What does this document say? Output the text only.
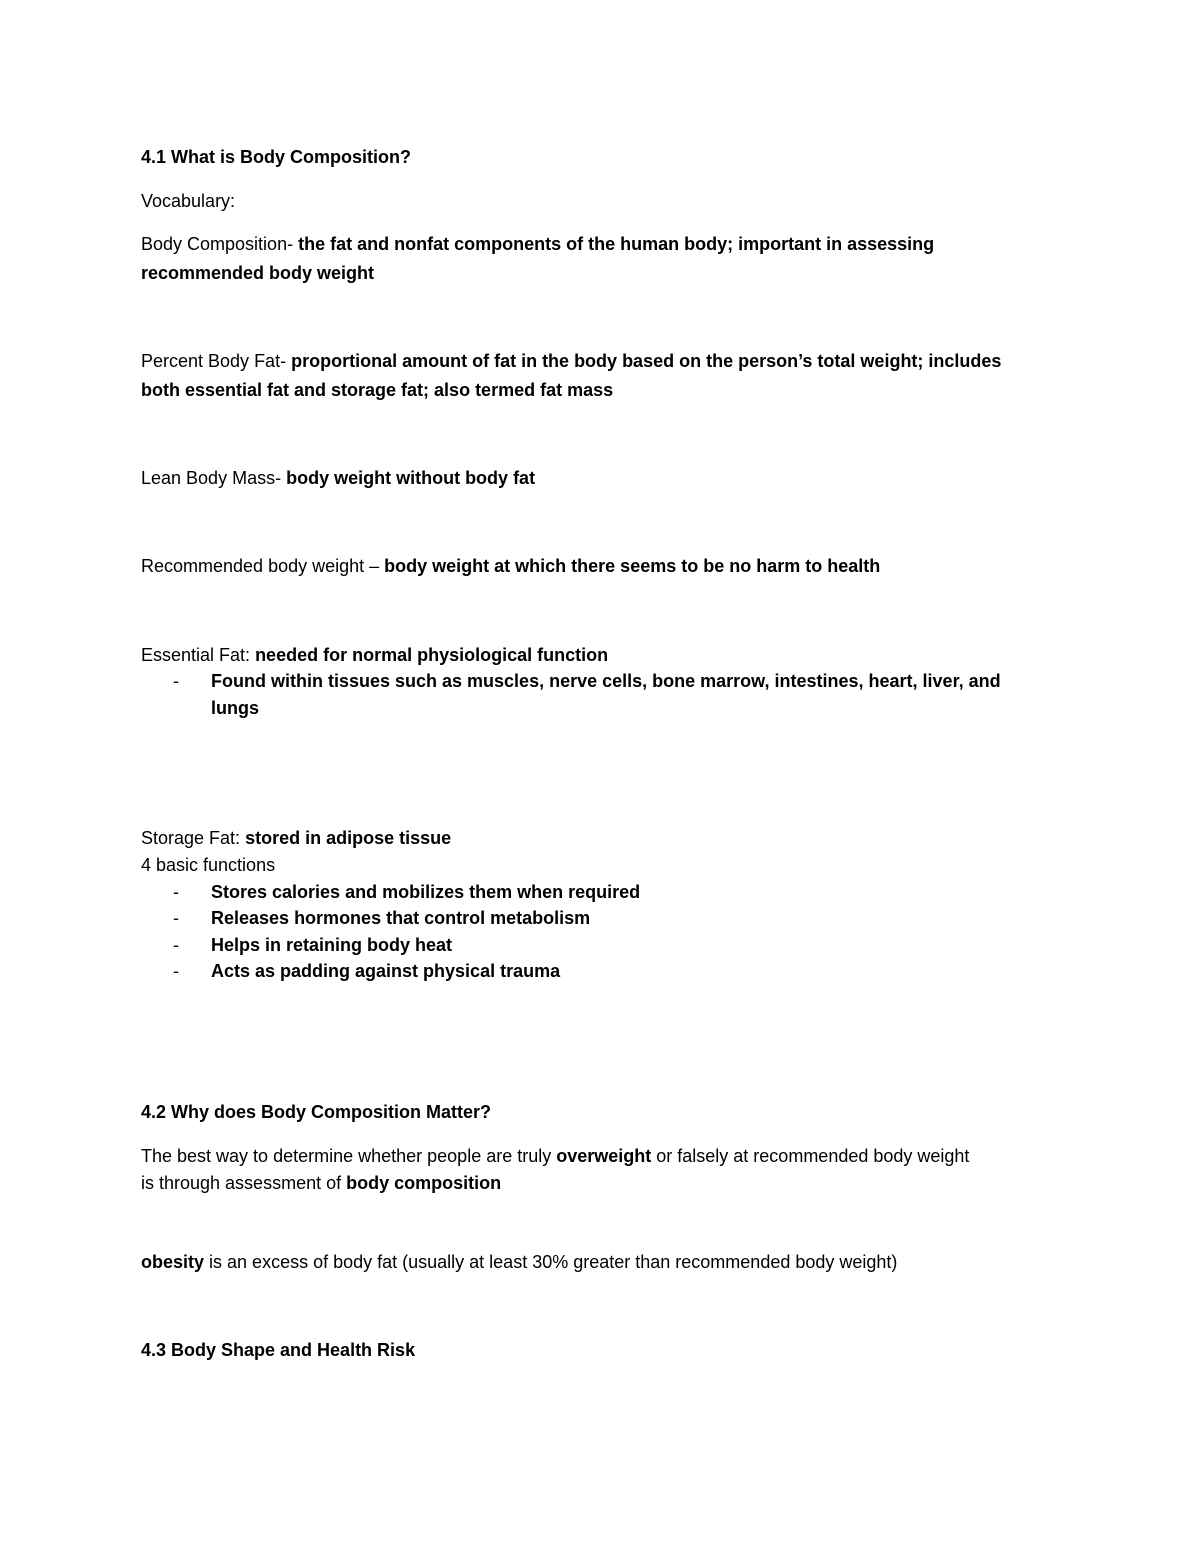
4.1 What is Body Composition?
Vocabulary:
Body Composition- the fat and nonfat components of the human body; important in assessing
recommended body weight
Percent Body Fat- proportional amount of fat in the body based on the person’s total weight; includes
both essential fat and storage fat; also termed fat mass
Lean Body Mass- body weight without body fat
Recommended body weight – body weight at which there seems to be no harm to health
Essential Fat: needed for normal physiological function
- Found within tissues such as muscles, nerve cells, bone marrow, intestines, heart, liver, and
lungs
Storage Fat: stored in adipose tissue
4 basic functions
- Stores calories and mobilizes them when required
- Releases hormones that control metabolism
- Helps in retaining body heat
- Acts as padding against physical trauma
4.2 Why does Body Composition Matter?
The best way to determine whether people are truly overweight or falsely at recommended body weight
is through assessment of body composition
obesity is an excess of body fat (usually at least 30% greater than recommended body weight)
4.3 Body Shape and Health Risk
